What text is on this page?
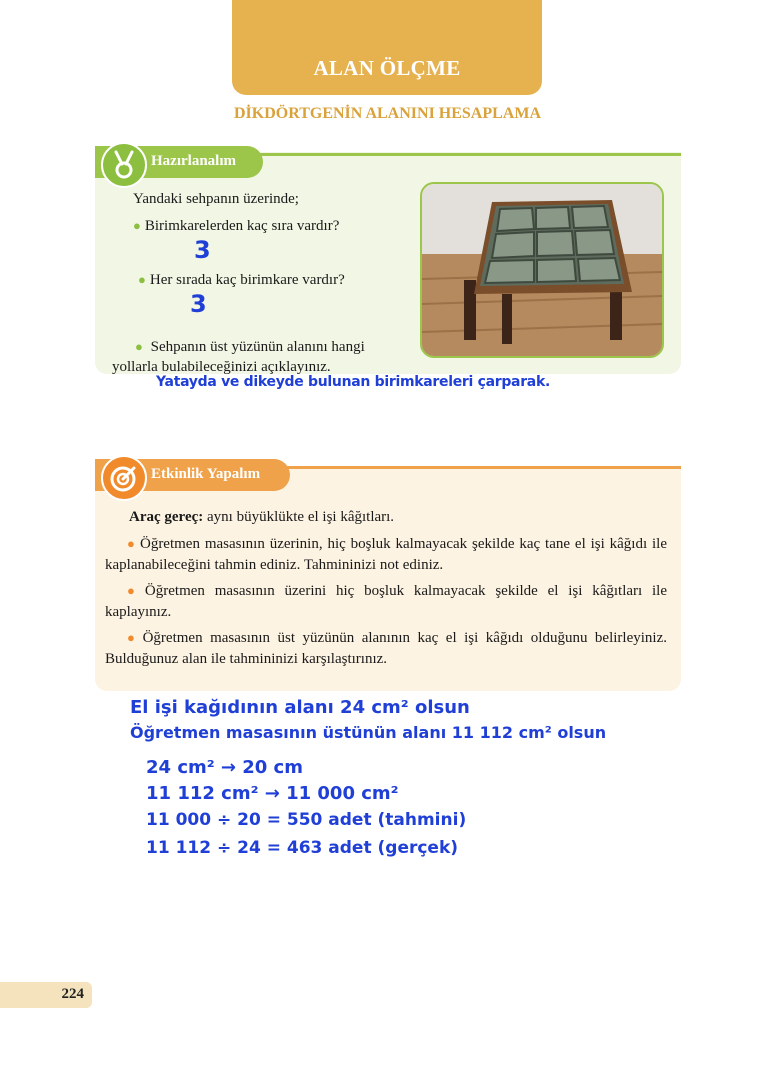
ALAN ÖLÇME
DİKDÖRTGENİN ALANINI HESAPLAMA
Hazırlanalım
Yandaki sehpanın üzerinde;
● Birimkarelerden kaç sıra vardır?
3
● Her sırada kaç birimkare vardır?
3
● Sehpanın üst yüzünün alanını hangi
yollarla bulabileceğinizi açıklayınız.
Yatayda ve dikeyde bulunan birimkareleri çarparak.
Etkinlik Yapalım
Araç gereç: aynı büyüklükte el işi kâğıtları.
● Öğretmen masasının üzerinin, hiç boşluk kalmayacak şekilde kaç tane el işi kâğıdı ile kaplanabileceğini tahmin ediniz. Tahmininizi not ediniz.
● Öğretmen masasının üzerini hiç boşluk kalmayacak şekilde el işi kâğıtları ile kaplayınız.
● Öğretmen masasının üst yüzünün alanının kaç el işi kâğıdı olduğunu belirleyiniz. Bulduğunuz alan ile tahmininizi karşılaştırınız.
El işi kağıdının alanı 24 cm² olsun
Öğretmen masasının üstünün alanı 11 112 cm² olsun
24 cm² → 20 cm
11 112 cm² → 11 000 cm²
11 000 ÷ 20 = 550 adet (tahmini)
11 112 ÷ 24 = 463 adet (gerçek)
224
